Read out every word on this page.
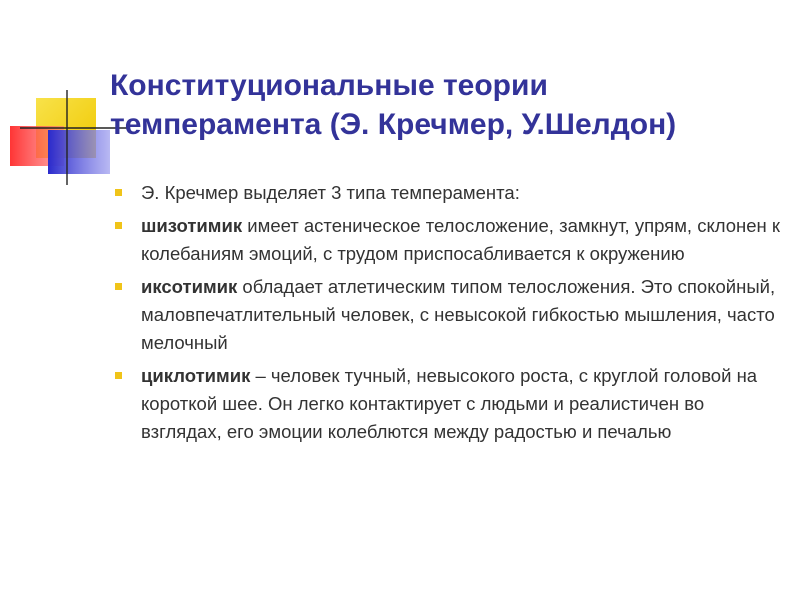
Конституциональные теории
темперамента (Э. Кречмер, У.Шелдон)
Э. Кречмер выделяет 3 типа темперамента:
шизотимик имеет астеническое телосложение, замкнут, упрям, склонен к колебаниям эмоций, с трудом приспосабливается к окружению
иксотимик обладает атлетическим типом телосложения. Это спокойный, маловпечатлительный человек, с невысокой гибкостью мышления, часто мелочный
циклотимик – человек тучный, невысокого роста, с круглой головой на короткой шее. Он легко контактирует с людьми и реалистичен во взглядах, его эмоции колеблются между радостью и печалью
